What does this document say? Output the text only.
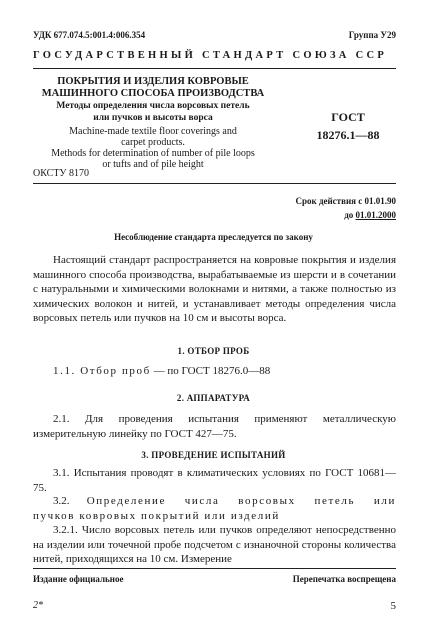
УДК 677.074.5:001.4:006.354	Группа У29
ГОСУДАРСТВЕННЫЙ СТАНДАРТ СОЮЗА ССР
ПОКРЫТИЯ И ИЗДЕЛИЯ КОВРОВЫЕ
МАШИННОГО СПОСОБА ПРОИЗВОДСТВА
Методы определения числа ворсовых петель
или пучков и высоты ворса
Machine-made textile floor coverings and
carpet products.
Methods for determination of number of pile loops
or tufts and of pile height
ГОСТ
18276.1—88
ОКСТУ 8170
Срок действия с 01.01.90
до 01.01.2000
Несоблюдение стандарта преследуется по закону

Настоящий стандарт распространяется на ковровые покрытия и изделия машинного способа производства, вырабатываемые из шерсти и в сочетании с натуральными и химическими волокнами и нитями, а также полностью из химических волокон и нитей, и устанавливает методы определения числа ворсовых петель или пучков на 10 см и высоты ворса.

1. ОТБОР ПРОБ

1.1. Отбор проб — по ГОСТ 18276.0—88

2. АППАРАТУРА

2.1. Для проведения испытания применяют металлическую измерительную линейку по ГОСТ 427—75.

3. ПРОВЕДЕНИЕ ИСПЫТАНИЙ

3.1. Испытания проводят в климатических условиях по ГОСТ 10681—75.

3.2. Определение числа ворсовых петель или
пучков ковровых покрытий или изделий

3.2.1. Число ворсовых петель или пучков определяют непосредственно на изделии или точечной пробе подсчетом с изнаночной стороны количества нитей, приходящихся на 10 см. Измерение

Издание официальное	Перепечатка воспрещена
2*	5
